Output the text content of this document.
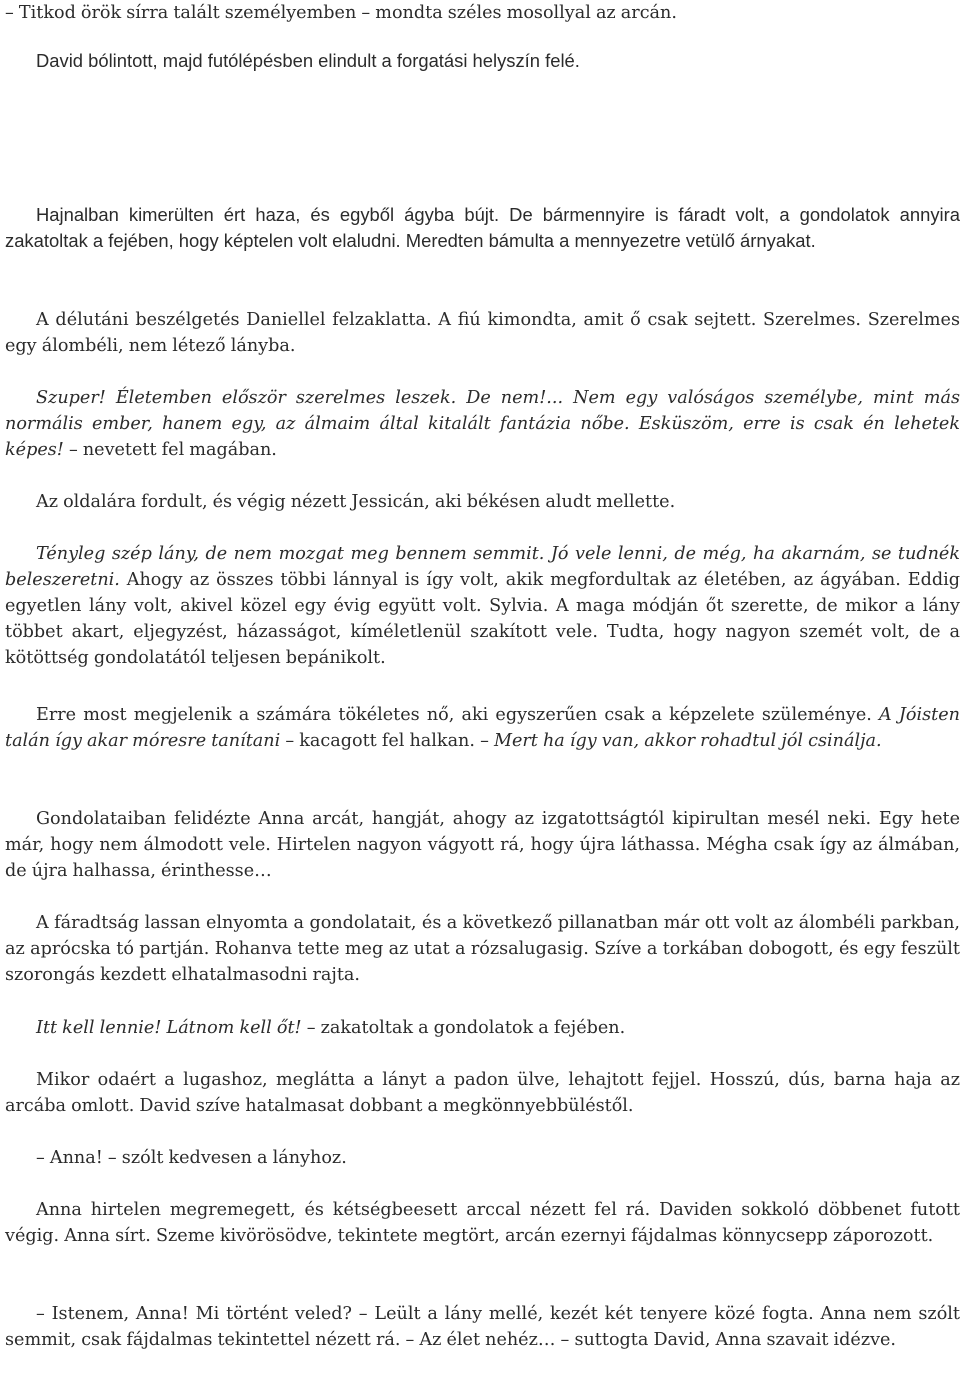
– Titkod örök sírra talált személyemben – mondta széles mosollyal az arcán.

David bólintott, majd futólépésben elindult a forgatási helyszín felé.

Hajnalban kimerülten ért haza, és egyből ágyba bújt. De bármennyire is fáradt volt, a gondolatok annyira zakatoltak a fejében, hogy képtelen volt elaludni. Meredten bámulta a mennyezetre vetülő árnyakat.

A délutáni beszélgetés Daniellel felzaklatta. A fiú kimondta, amit ő csak sejtett. Szerelmes. Szerelmes egy álombéli, nem létező lányba.

Szuper! Életemben először szerelmes leszek. De nem!... Nem egy valóságos személybe, mint más normális ember, hanem egy, az álmaim által kitalált fantázia nőbe. Esküszöm, erre is csak én lehetek képes! – nevetett fel magában.

Az oldalára fordult, és végig nézett Jessicán, aki békésen aludt mellette.

Tényleg szép lány, de nem mozgat meg bennem semmit. Jó vele lenni, de még, ha akarnám, se tudnék beleszeretni. Ahogy az összes többi lánnyal is így volt, akik megfordultak az életében, az ágyában. Eddig egyetlen lány volt, akivel közel egy évig együtt volt. Sylvia. A maga módján őt szerette, de mikor a lány többet akart, eljegyzést, házasságot, kíméletlenül szakított vele. Tudta, hogy nagyon szemét volt, de a kötöttség gondolatától teljesen bepánikolt.

Erre most megjelenik a számára tökéletes nő, aki egyszerűen csak a képzelete szüleménye. A Jóisten talán így akar móresre tanítani – kacagott fel halkan. – Mert ha így van, akkor rohadtul jól csinálja.

Gondolataiban felidézte Anna arcát, hangját, ahogy az izgatottságtól kipirultan mesél neki. Egy hete már, hogy nem álmodott vele. Hirtelen nagyon vágyott rá, hogy újra láthassa. Mégha csak így az álmában, de újra halhassa, érinthesse…

A fáradtság lassan elnyomta a gondolatait, és a következő pillanatban már ott volt az álombéli parkban, az aprócska tó partján. Rohanva tette meg az utat a rózsalugasig. Szíve a torkában dobogott, és egy feszült szorongás kezdett elhatalmasodni rajta.

Itt kell lennie! Látnom kell őt! – zakatoltak a gondolatok a fejében.

Mikor odaért a lugashoz, meglátta a lányt a padon ülve, lehajtott fejjel. Hosszú, dús, barna haja az arcába omlott. David szíve hatalmasat dobbant a megkönnyebbüléstől.

– Anna! – szólt kedvesen a lányhoz.

Anna hirtelen megremegett, és kétségbeesett arccal nézett fel rá. Daviden sokkoló döbbenet futott végig. Anna sírt. Szeme kivörösödve, tekintete megtört, arcán ezernyi fájdalmas könnycsepp záporozott.

– Istenem, Anna! Mi történt veled? – Leült a lány mellé, kezét két tenyere közé fogta. Anna nem szólt semmit, csak fájdalmas tekintettel nézett rá. – Az élet nehéz… – suttogta David, Anna szavait idézve.
